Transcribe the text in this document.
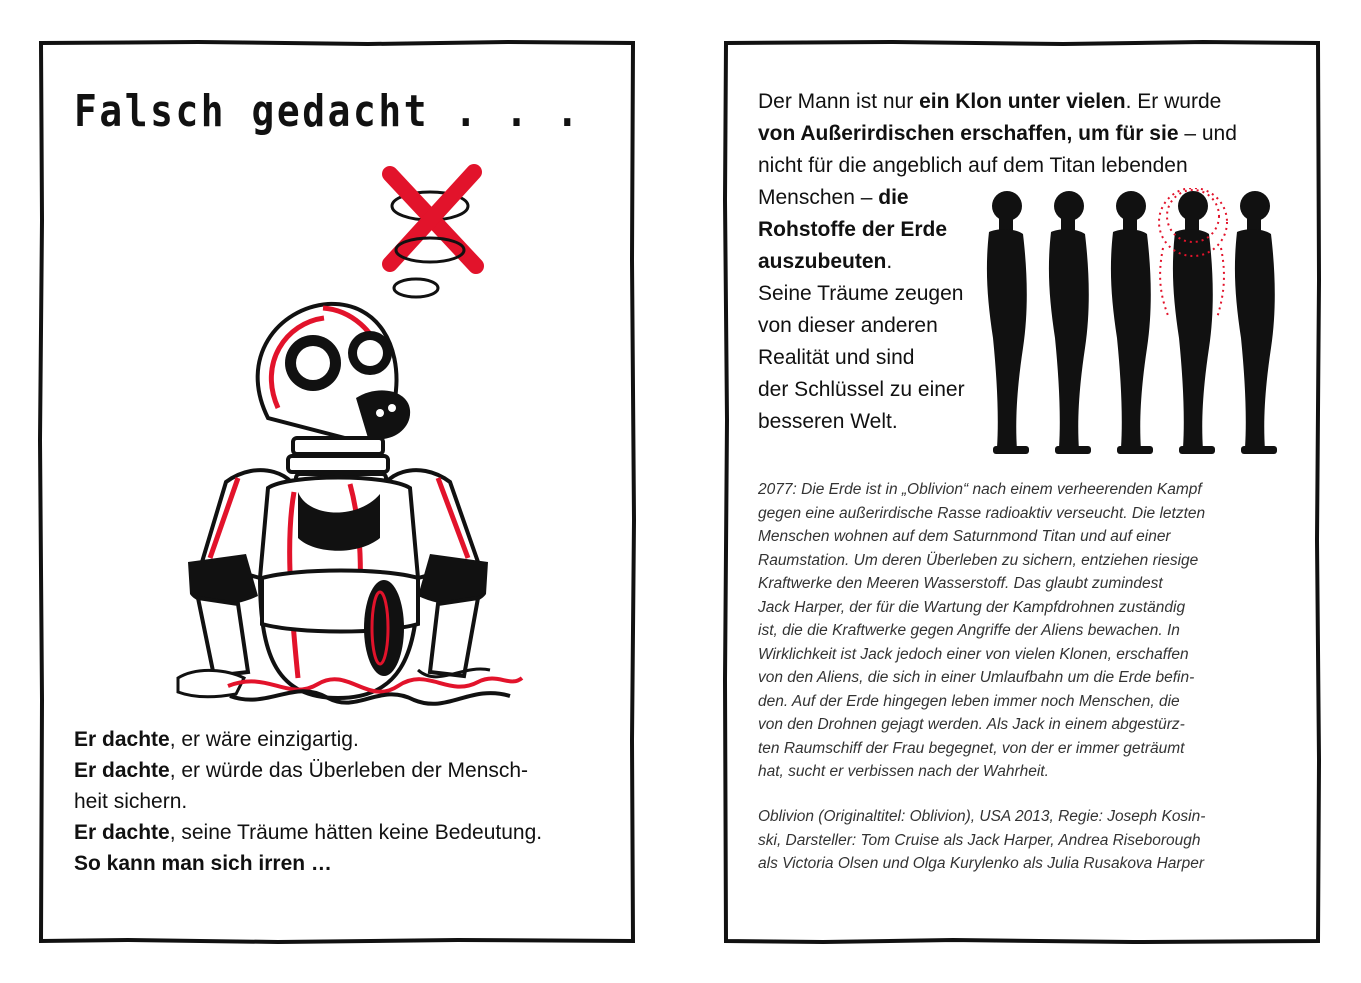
Falsch gedacht . . .
Er dachte, er wäre einzigartig.
Er dachte, er würde das Überleben der Mensch-
heit sichern.
Er dachte, seine Träume hätten keine Bedeutung.
So kann man sich irren …
Der Mann ist nur ein Klon unter vielen. Er wurde
von Außerirdischen erschaffen, um für sie – und
nicht für die angeblich auf dem Titan lebenden
Menschen – die
Rohstoffe der Erde
auszubeuten.
Seine Träume zeugen
von dieser anderen
Realität und sind
der Schlüssel zu einer
besseren Welt.
2077: Die Erde ist in „Oblivion“ nach einem verheerenden Kampf
gegen eine außerirdische Rasse radioaktiv verseucht. Die letzten
Menschen wohnen auf dem Saturnmond Titan und auf einer
Raumstation. Um deren Überleben zu sichern, entziehen riesige
Kraftwerke den Meeren Wasserstoff. Das glaubt zumindest
Jack Harper, der für die Wartung der Kampfdrohnen zuständig
ist, die die Kraftwerke gegen Angriffe der Aliens bewachen. In
Wirklichkeit ist Jack jedoch einer von vielen Klonen, erschaffen
von den Aliens, die sich in einer Umlaufbahn um die Erde befin-
den. Auf der Erde hingegen leben immer noch Menschen, die
von den Drohnen gejagt werden. Als Jack in einem abgestürz-
ten Raumschiff der Frau begegnet, von der er immer geträumt
hat, sucht er verbissen nach der Wahrheit.
Oblivion (Originaltitel: Oblivion), USA 2013, Regie: Joseph Kosin-
ski, Darsteller: Tom Cruise als Jack Harper, Andrea Riseborough
als Victoria Olsen und Olga Kurylenko als Julia Rusakova Harper
